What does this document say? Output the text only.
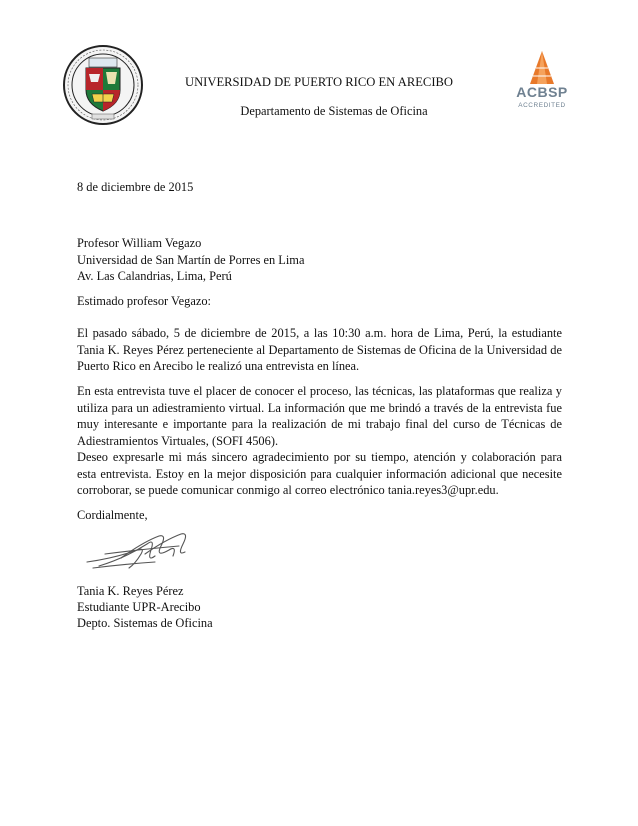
UNIVERSIDAD DE PUERTO RICO EN ARECIBO
Departamento de Sistemas de Oficina
ACBSP
ACCREDITED
8 de diciembre de 2015
Profesor William Vegazo
Universidad de San Martín de Porres en Lima
Av. Las Calandrias, Lima, Perú
Estimado profesor Vegazo:
El pasado sábado, 5 de diciembre de 2015, a las 10:30 a.m. hora de Lima, Perú, la estudiante Tania K. Reyes Pérez perteneciente al Departamento de Sistemas de Oficina de la Universidad de Puerto Rico en Arecibo le realizó una entrevista en línea.
En esta entrevista tuve el placer de conocer el proceso, las técnicas, las plataformas que realiza y utiliza para un adiestramiento virtual. La información que me brindó a través de la entrevista fue muy interesante e importante para la realización de mi trabajo final del curso de Técnicas de Adiestramientos Virtuales, (SOFI 4506).
Deseo expresarle mi más sincero agradecimiento por su tiempo, atención y colaboración para esta entrevista. Estoy en la mejor disposición para cualquier información adicional que necesite corroborar, se puede comunicar conmigo al correo electrónico tania.reyes3@upr.edu.
Cordialmente,
Tania K. Reyes Pérez
Estudiante UPR-Arecibo
Depto. Sistemas de Oficina
